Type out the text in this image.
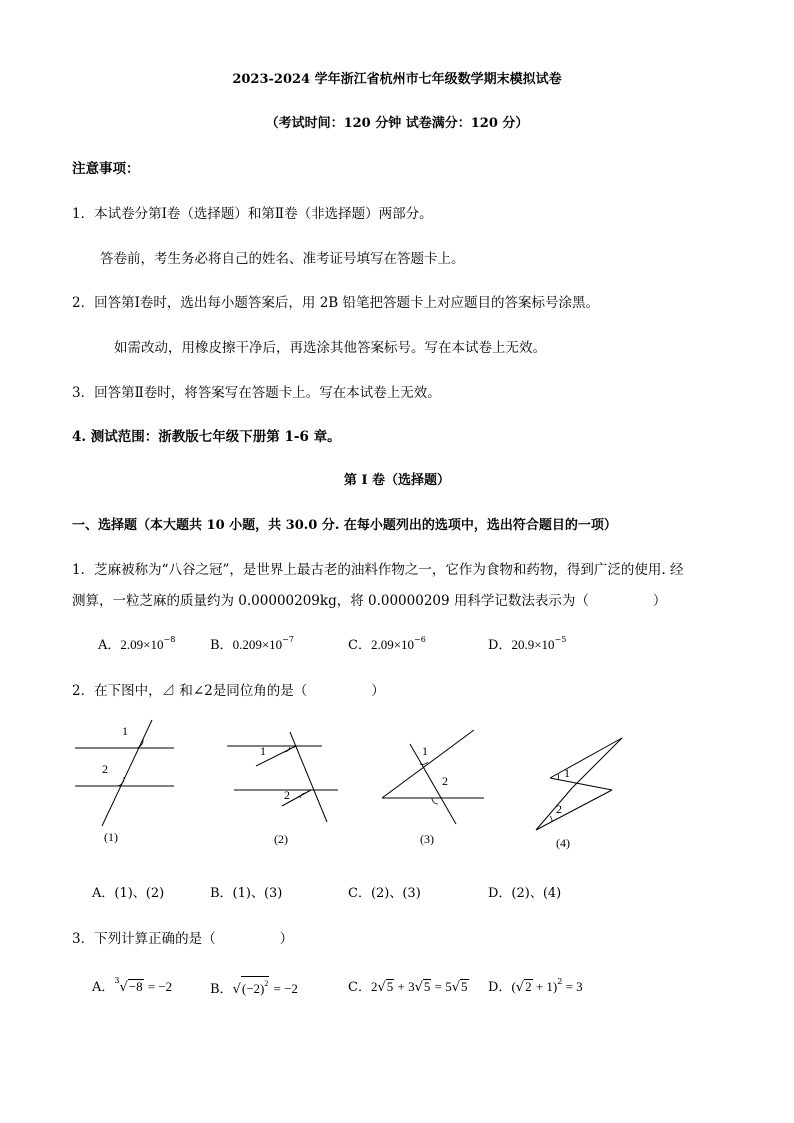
2023-2024 学年浙江省杭州市七年级数学期末模拟试卷
（考试时间：120 分钟 试卷满分：120 分）
注意事项：
1．本试卷分第Ⅰ卷（选择题）和第Ⅱ卷（非选择题）两部分。
答卷前，考生务必将自己的姓名、准考证号填写在答题卡上。
2．回答第Ⅰ卷时，选出每小题答案后，用 2B 铅笔把答题卡上对应题目的答案标号涂黑。
如需改动，用橡皮擦干净后，再选涂其他答案标号。写在本试卷上无效。
3．回答第Ⅱ卷时，将答案写在答题卡上。写在本试卷上无效。
4. 测试范围：浙教版七年级下册第 1-6 章。
第 I 卷（选择题）
一、选择题（本大题共 10 小题，共 30.0 分. 在每小题列出的选项中，选出符合题目的一项）
1．芝麻被称为“八谷之冠”，是世界上最古老的油料作物之一，它作为食物和药物，得到广泛的使用. 经
测算，一粒芝麻的质量约为 0.00000209kg，将 0.00000209 用科学记数法表示为（	）
A．$2.09\times 10^{-8}$	B．$0.209\times 10^{-7}$	C．$2.09\times 10^{-6}$	D．$20.9\times 10^{-5}$
2．在下图中，⊿ 和∠2是同位角的是（	）
1
2
(1)
1
2
(2)
1
2
(3)
1
2
(4)
A．(1)、(2)	B．(1)、(3)	C．(2)、(3)	D．(2)、(4)
3．下列计算正确的是（	）
A．$^3$√−8 = −2	B．$√(-2)^2 = -2$	C．2√5 + 3√5 = 5√5 D．$(√2 + 1)^2 = 3$
